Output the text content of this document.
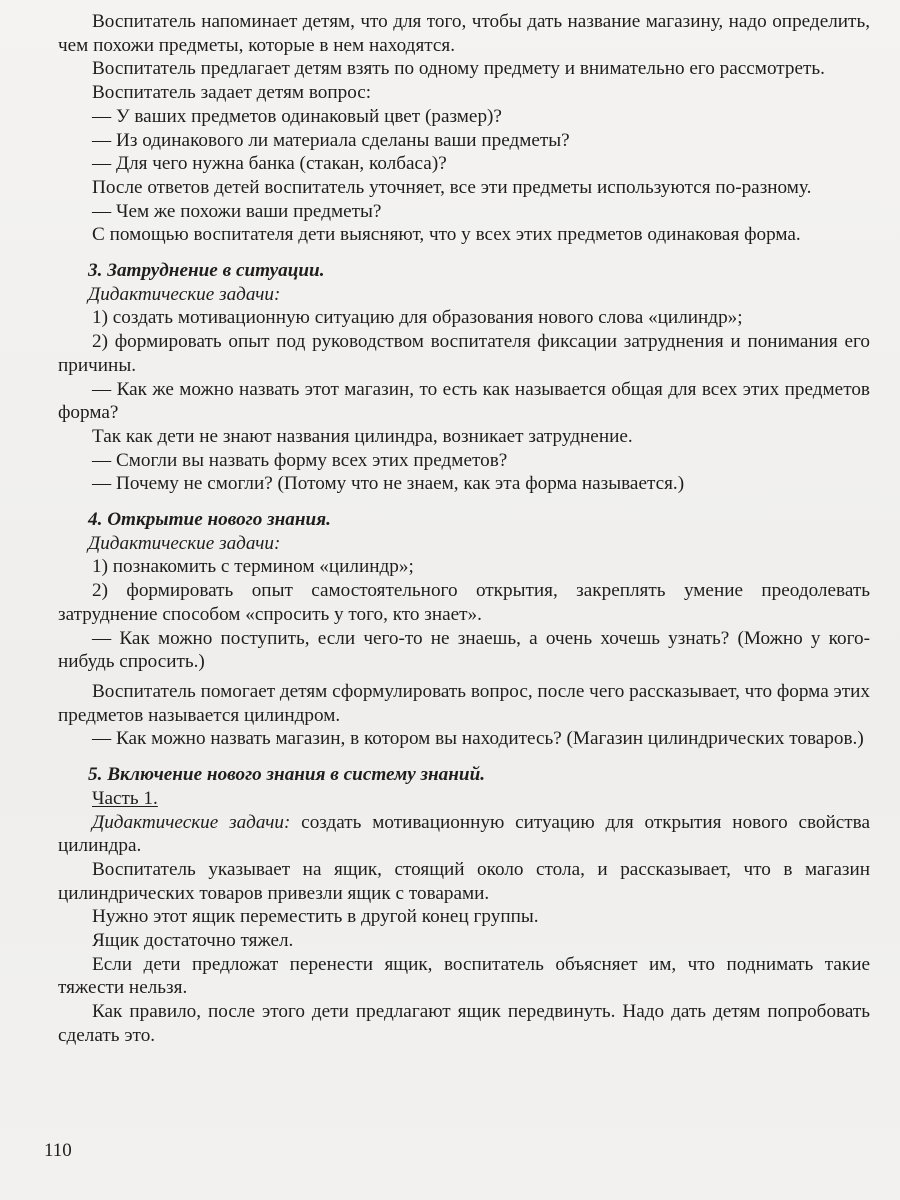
Воспитатель напоминает детям, что для того, чтобы дать название магазину, надо определить, чем похожи предметы, которые в нем находятся.

Воспитатель предлагает детям взять по одному предмету и внимательно его рассмотреть.

Воспитатель задает детям вопрос:

— У ваших предметов одинаковый цвет (размер)?

— Из одинакового ли материала сделаны ваши предметы?

— Для чего нужна банка (стакан, колбаса)?

После ответов детей воспитатель уточняет, все эти предметы используются по-разному.

— Чем же похожи ваши предметы?

С помощью воспитателя дети выясняют, что у всех этих предметов одинаковая форма.

3. Затруднение в ситуации.

Дидактические задачи:

1) создать мотивационную ситуацию для образования нового слова «цилиндр»;

2) формировать опыт под руководством воспитателя фиксации затруднения и понимания его причины.

— Как же можно назвать этот магазин, то есть как называется общая для всех этих предметов форма?

Так как дети не знают названия цилиндра, возникает затруднение.

— Смогли вы назвать форму всех этих предметов?

— Почему не смогли? (Потому что не знаем, как эта форма называется.)

4. Открытие нового знания.

Дидактические задачи:

1) познакомить с термином «цилиндр»;

2) формировать опыт самостоятельного открытия, закреплять умение преодолевать затруднение способом «спросить у того, кто знает».

— Как можно поступить, если чего-то не знаешь, а очень хочешь узнать? (Можно у кого-нибудь спросить.)

Воспитатель помогает детям сформулировать вопрос, после чего рассказывает, что форма этих предметов называется цилиндром.

— Как можно назвать магазин, в котором вы находитесь? (Магазин цилиндрических товаров.)

5. Включение нового знания в систему знаний.

Часть 1.

Дидактические задачи: создать мотивационную ситуацию для открытия нового свойства цилиндра.

Воспитатель указывает на ящик, стоящий около стола, и рассказывает, что в магазин цилиндрических товаров привезли ящик с товарами.

Нужно этот ящик переместить в другой конец группы.

Ящик достаточно тяжел.

Если дети предложат перенести ящик, воспитатель объясняет им, что поднимать такие тяжести нельзя.

Как правило, после этого дети предлагают ящик передвинуть. Надо дать детям попробовать сделать это.

110
